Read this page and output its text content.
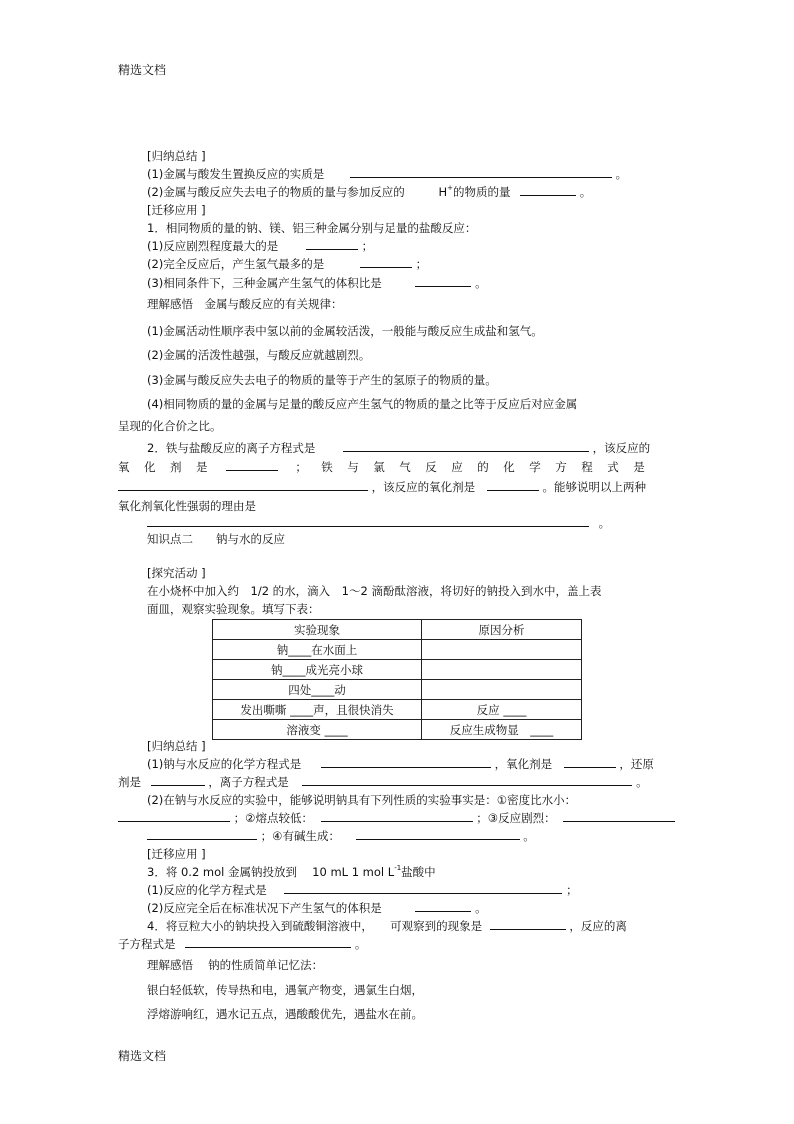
精选文档
[归纳总结 ]
(1)金属与酸发生置换反应的实质是	。
(2)金属与酸反应失去电子的物质的量与参加反应的	H+的物质的量	。
[迁移应用 ]
1．相同物质的量的钠、镁、铝三种金属分别与足量的盐酸反应：
(1)反应剧烈程度最大的是	；
(2)完全反应后，产生氢气最多的是	；
(3)相同条件下，三种金属产生氢气的体积比是	。
理解感悟　金属与酸反应的有关规律：
(1)金属活动性顺序表中氢以前的金属较活泼，一般能与酸反应生成盐和氢气。
(2)金属的活泼性越强，与酸反应就越剧烈。
(3)金属与酸反应失去电子的物质的量等于产生的氢原子的物质的量。
(4)相同物质的量的金属与足量的酸反应产生氢气的物质的量之比等于反应后对应金属
呈现的化合价之比。
2．铁与盐酸反应的离子方程式是	，该反应的
氧化剂是	；铁与氯气反应的化学方程式是
，该反应的氧化剂是	。能够说明以上两种
氧化剂氧化性强弱的理由是
。
知识点二　　钠与水的反应
[探究活动 ]
在小烧杯中加入约　1/2 的水，滴入　1～2 滴酚酞溶液，将切好的钠投入到水中，盖上表
面皿，观察实验现象。填写下表：
实验现象	原因分析
钠____在水面上	
钠____成光亮小球	
四处____动	
发出嘶嘶 ____声，且很快消失	反应 ____
溶液变 ____	反应生成物显　____
[归纳总结 ]
(1)钠与水反应的化学方程式是	，氧化剂是	，还原
剂是	，离子方程式是	。
(2)在钠与水反应的实验中，能够说明钠具有下列性质的实验事实是：①密度比水小：
；②熔点较低：	；③反应剧烈：
；④有碱生成：	。
[迁移应用 ]
3．将 0.2 mol 金属钠投放到　 10 mL 1 mol $L^{-1}$盐酸中
(1)反应的化学方程式是	；
(2)反应完全后在标准状况下产生氢气的体积是	。
4．将豆粒大小的钠块投入到硫酸铜溶液中，　　可观察到的现象是	，反应的离
子方程式是	。
理解感悟　 钠的性质简单记忆法：
银白轻低软，传导热和电，遇氧产物变，遇氯生白烟，
浮熔游响红，遇水记五点，遇酸酸优先，遇盐水在前。
精选文档
